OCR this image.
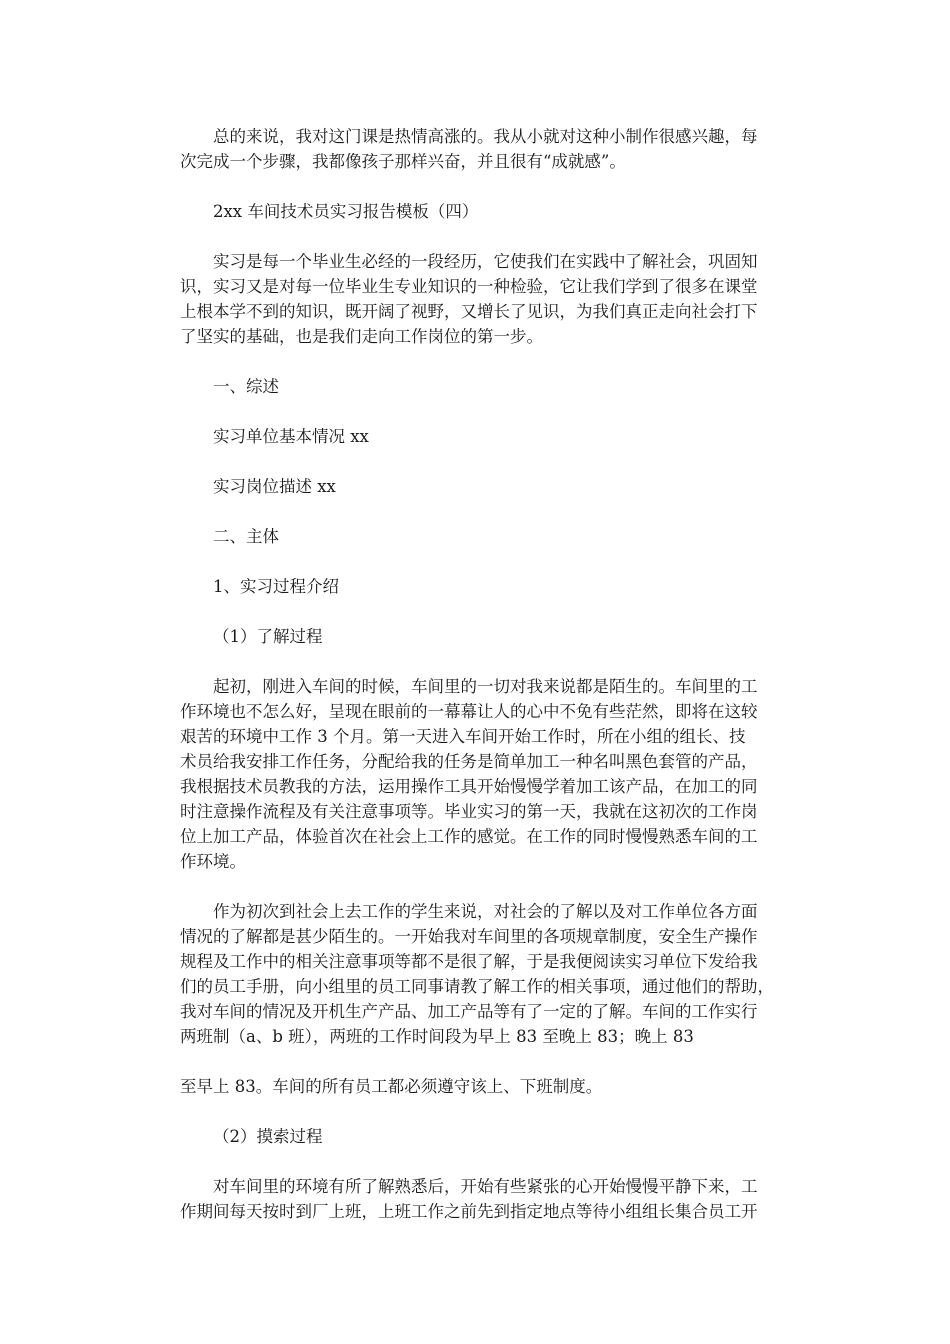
总的来说，我对这门课是热情高涨的。我从小就对这种小制作很感兴趣，每
次完成一个步骤，我都像孩子那样兴奋，并且很有“成就感”。

2xx 车间技术员实习报告模板（四）

实习是每一个毕业生必经的一段经历，它使我们在实践中了解社会，巩固知
识，实习又是对每一位毕业生专业知识的一种检验，它让我们学到了很多在课堂
上根本学不到的知识，既开阔了视野，又增长了见识，为我们真正走向社会打下
了坚实的基础，也是我们走向工作岗位的第一步。

一、综述

实习单位基本情况 xx

实习岗位描述 xx

二、主体

1、实习过程介绍

（1）了解过程

起初，刚进入车间的时候，车间里的一切对我来说都是陌生的。车间里的工
作环境也不怎么好，呈现在眼前的一幕幕让人的心中不免有些茫然，即将在这较
艰苦的环境中工作 3 个月。第一天进入车间开始工作时，所在小组的组长、技
术员给我安排工作任务，分配给我的任务是简单加工一种名叫黑色套管的产品，
我根据技术员教我的方法，运用操作工具开始慢慢学着加工该产品，在加工的同
时注意操作流程及有关注意事项等。毕业实习的第一天，我就在这初次的工作岗
位上加工产品，体验首次在社会上工作的感觉。在工作的同时慢慢熟悉车间的工
作环境。

作为初次到社会上去工作的学生来说，对社会的了解以及对工作单位各方面
情况的了解都是甚少陌生的。一开始我对车间里的各项规章制度，安全生产操作
规程及工作中的相关注意事项等都不是很了解，于是我便阅读实习单位下发给我
们的员工手册，向小组里的员工同事请教了解工作的相关事项，通过他们的帮助，
我对车间的情况及开机生产产品、加工产品等有了一定的了解。车间的工作实行
两班制（a、b 班），两班的工作时间段为早上 83 至晚上 83；晚上 83

至早上 83。车间的所有员工都必须遵守该上、下班制度。

（2）摸索过程

对车间里的环境有所了解熟悉后，开始有些紧张的心开始慢慢平静下来，工
作期间每天按时到厂上班，上班工作之前先到指定地点等待小组组长集合员工开
